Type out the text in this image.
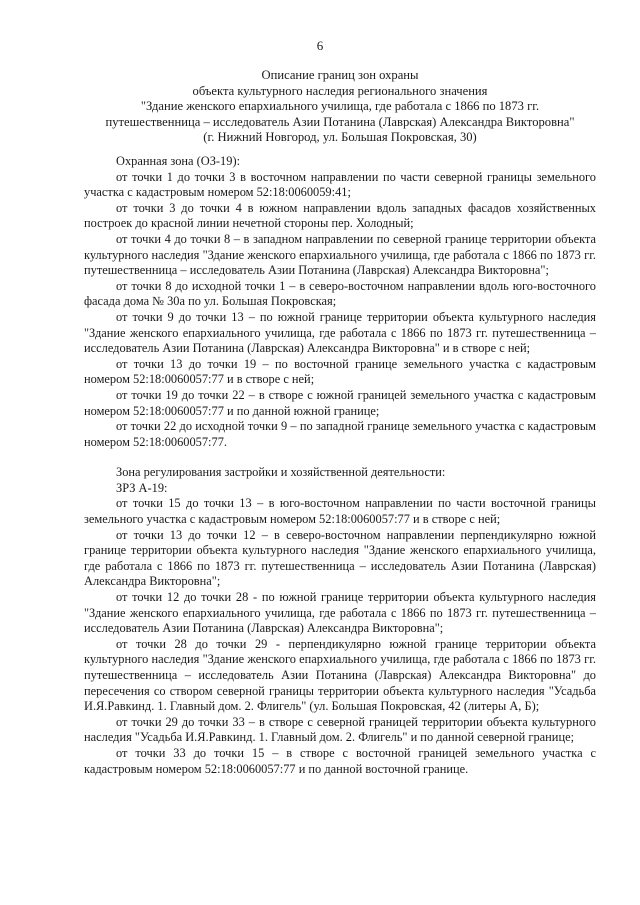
6
Описание границ зон охраны
объекта культурного наследия регионального значения
"Здание женского епархиального училища, где работала с 1866 по 1873 гг.
путешественница – исследователь Азии Потанина (Лаврская) Александра Викторовна"
(г. Нижний Новгород, ул. Большая Покровская, 30)

Охранная зона (ОЗ-19):

от точки 1 до точки 3 в восточном направлении по части северной границы земельного участка с кадастровым номером 52:18:0060059:41;

от точки 3 до точки 4 в южном направлении вдоль западных фасадов хозяйственных построек до красной линии нечетной стороны пер. Холодный;

от точки 4 до точки 8 – в западном направлении по северной границе территории объекта культурного наследия "Здание женского епархиального училища, где работала с 1866 по 1873 гг. путешественница – исследователь Азии Потанина (Лаврская) Александра Викторовна";

от точки 8 до исходной точки 1 – в северо-восточном направлении вдоль юго-восточного фасада дома № 30а по ул. Большая Покровская;

от точки 9 до точки 13 – по южной границе территории объекта культурного наследия "Здание женского епархиального училища, где работала с 1866 по 1873 гг. путешественница – исследователь Азии Потанина (Лаврская) Александра Викторовна" и в створе с ней;

от точки 13 до точки 19 – по восточной границе земельного участка с кадастровым номером 52:18:0060057:77 и в створе с ней;

от точки 19 до точки 22 – в створе с южной границей земельного участка с кадастровым номером 52:18:0060057:77 и по данной южной границе;

от точки 22 до исходной точки 9 – по западной границе земельного участка с кадастровым номером 52:18:0060057:77.

Зона регулирования застройки и хозяйственной деятельности:

ЗРЗ А-19:

от точки 15 до точки 13 – в юго-восточном направлении по части восточной границы земельного участка с кадастровым номером 52:18:0060057:77 и в створе с ней;

от точки 13 до точки 12 – в северо-восточном направлении перпендикулярно южной границе территории объекта культурного наследия "Здание женского епархиального училища, где работала с 1866 по 1873 гг. путешественница – исследователь Азии Потанина (Лаврская) Александра Викторовна";

от точки 12 до точки 28 - по южной границе территории объекта культурного наследия "Здание женского епархиального училища, где работала с 1866 по 1873 гг. путешественница – исследователь Азии Потанина (Лаврская) Александра Викторовна";

от точки 28 до точки 29 - перпендикулярно южной границе территории объекта культурного наследия "Здание женского епархиального училища, где работала с 1866 по 1873 гг. путешественница – исследователь Азии Потанина (Лаврская) Александра Викторовна" до пересечения со створом северной границы территории объекта культурного наследия "Усадьба И.Я.Равкинд. 1. Главный дом. 2. Флигель" (ул. Большая Покровская, 42 (литеры А, Б);

от точки 29 до точки 33 – в створе с северной границей территории объекта культурного наследия "Усадьба И.Я.Равкинд. 1. Главный дом. 2. Флигель" и по данной северной границе;

от точки 33 до точки 15 – в створе с восточной границей земельного участка с кадастровым номером 52:18:0060057:77 и по данной восточной границе.
